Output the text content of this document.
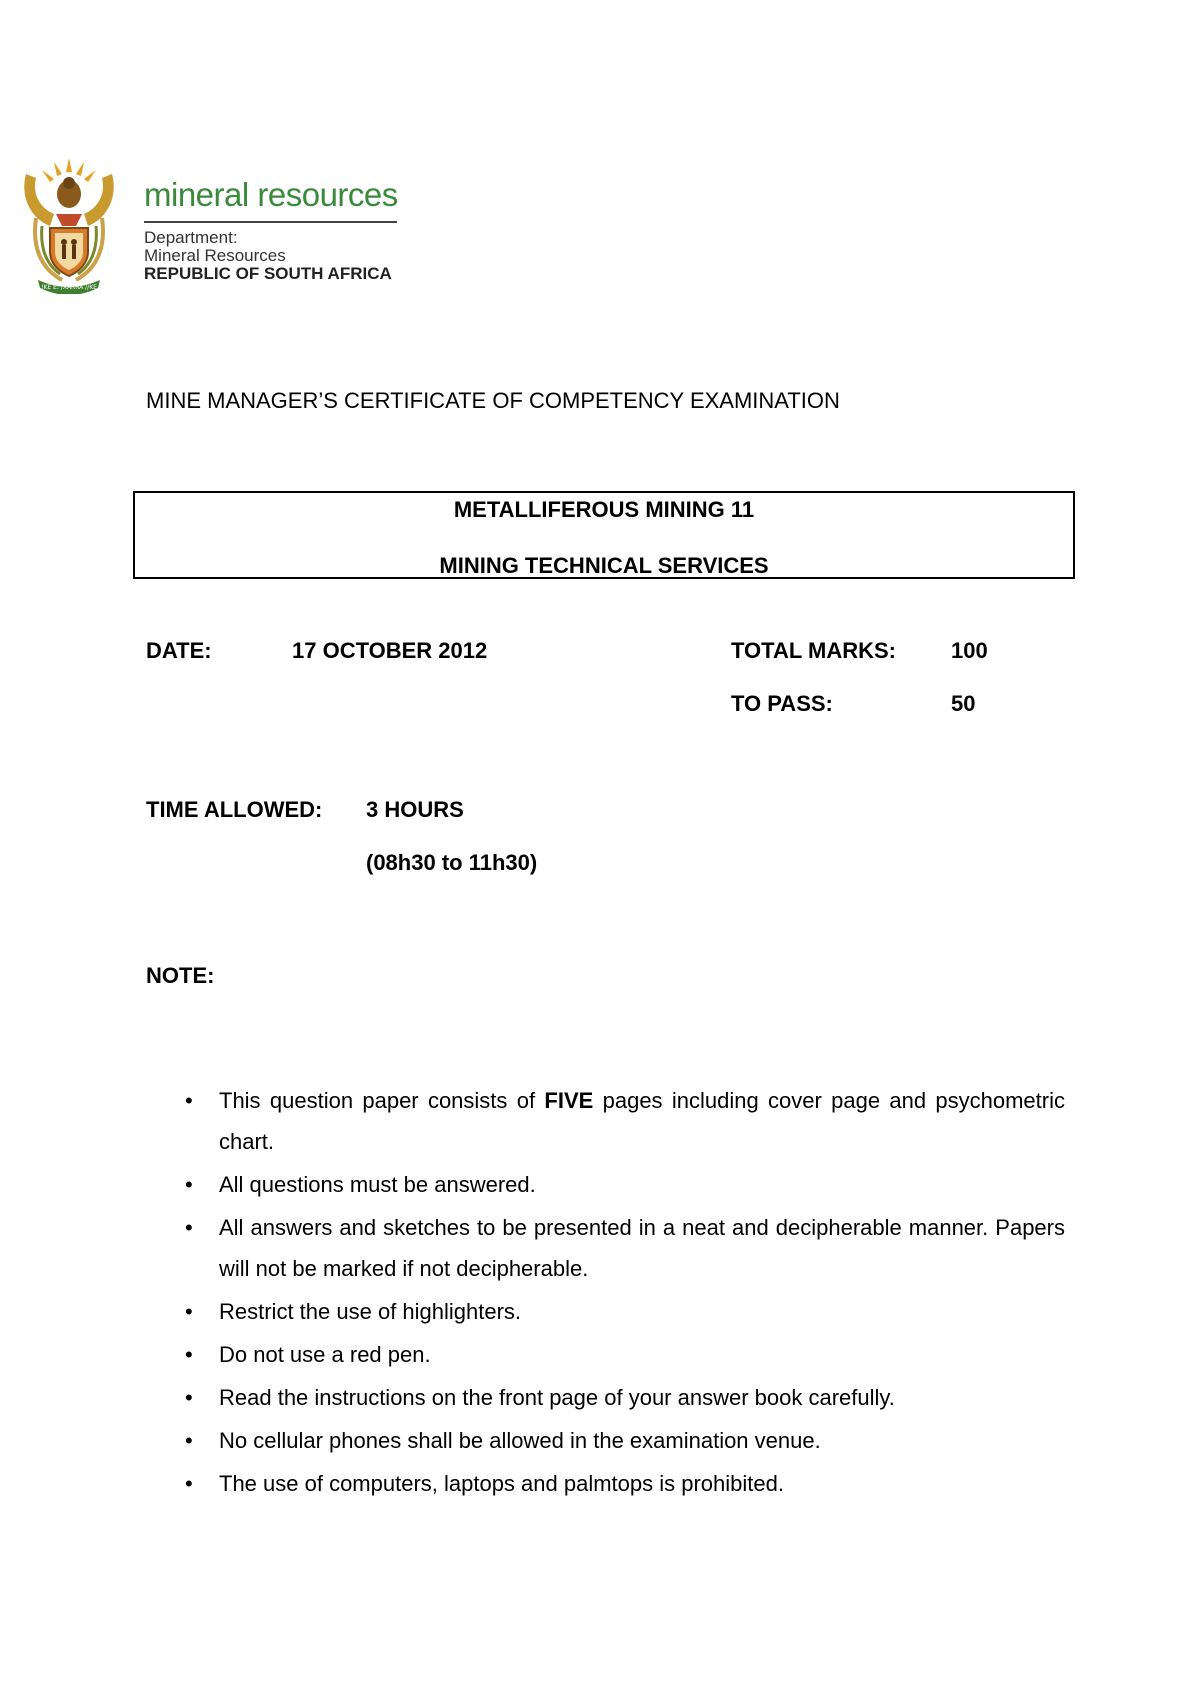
!KE E: /XARRA //KE
mineral resources
Department:
Mineral Resources
REPUBLIC OF SOUTH AFRICA
MINE MANAGER’S CERTIFICATE OF COMPETENCY EXAMINATION
METALLIFEROUS MINING 11
MINING TECHNICAL SERVICES
DATE:	17 OCTOBER 2012	TOTAL MARKS:	100
TO PASS:	50
TIME ALLOWED: 3 HOURS
(08h30 to 11h30)
NOTE:
• This question paper consists of FIVE pages including cover page and psychometric chart.
• All questions must be answered.
• All answers and sketches to be presented in a neat and decipherable manner. Papers will not be marked if not decipherable.
• Restrict the use of highlighters.
• Do not use a red pen.
• Read the instructions on the front page of your answer book carefully.
• No cellular phones shall be allowed in the examination venue.
• The use of computers, laptops and palmtops is prohibited.
